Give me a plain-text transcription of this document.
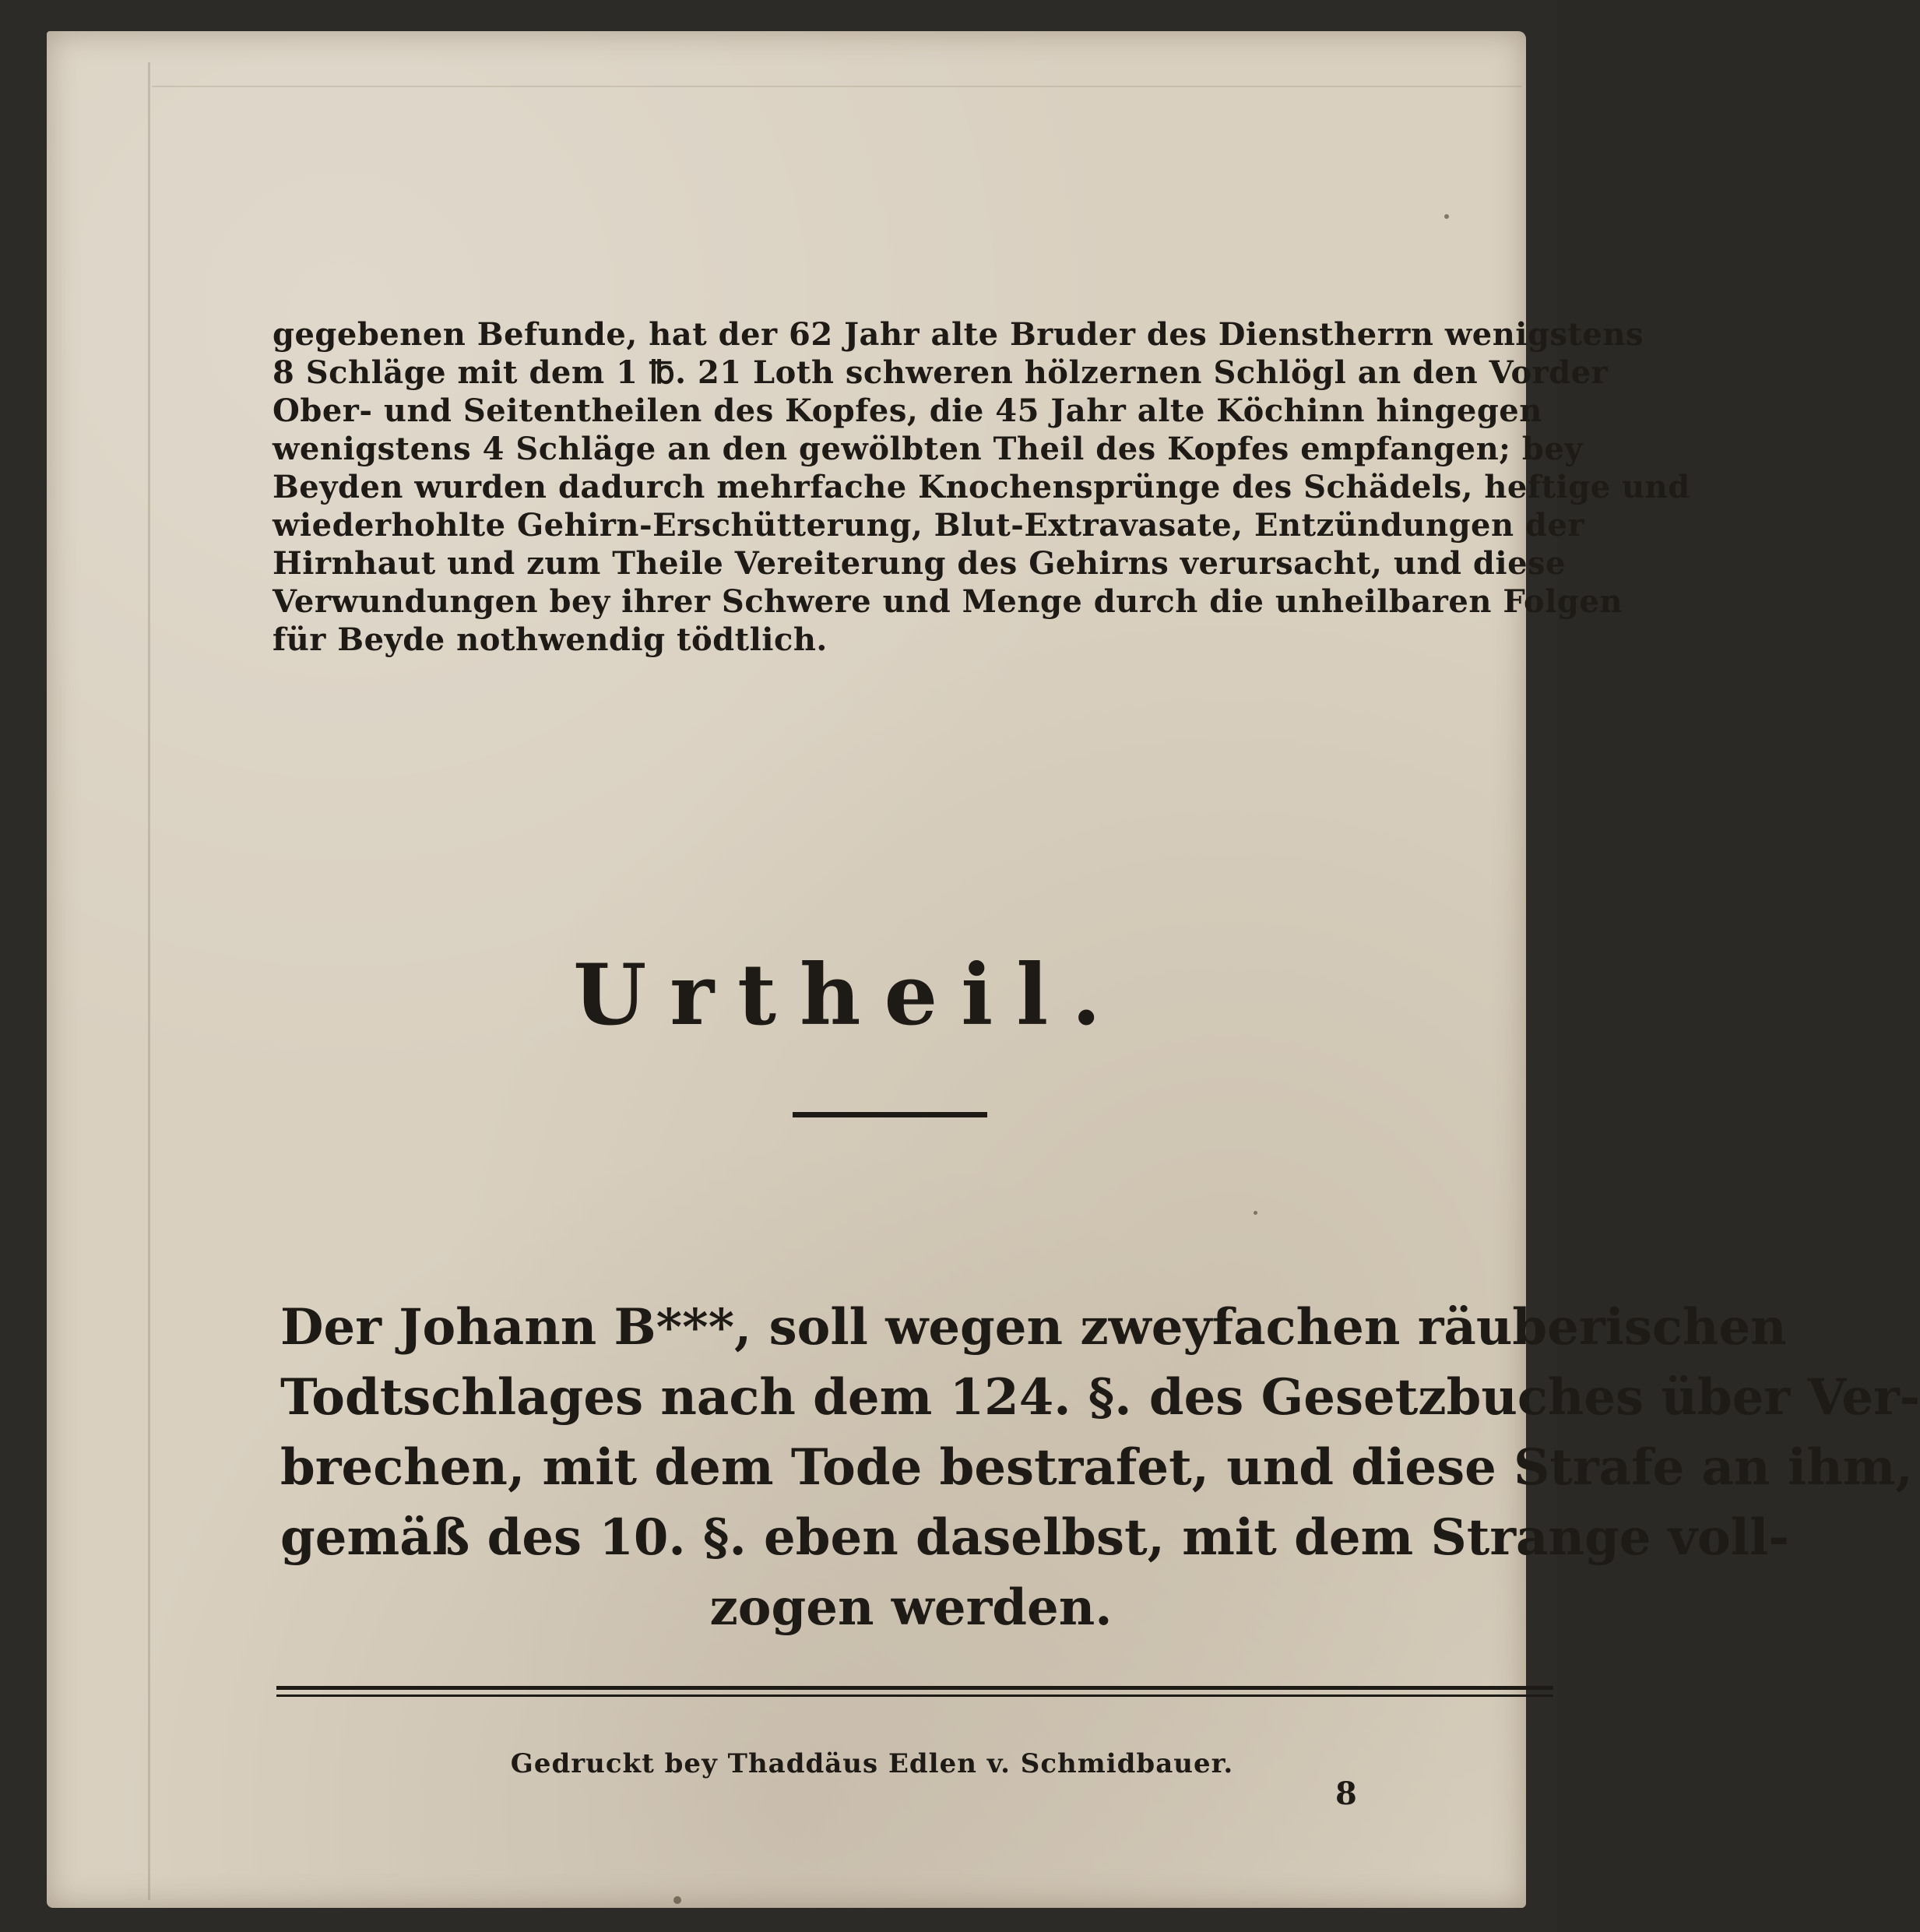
gegebenen Befunde, hat der 62 Jahr alte Bruder des Dienstherrn wenigstens
8 Schläge mit dem 1 ℔. 21 Loth schweren hölzernen Schlögl an den Vorder
Ober- und Seitentheilen des Kopfes, die 45 Jahr alte Köchinn hingegen
wenigstens 4 Schläge an den gewölbten Theil des Kopfes empfangen; bey
Beyden wurden dadurch mehrfache Knochensprünge des Schädels, heftige und
wiederhohlte Gehirn-Erschütterung, Blut-Extravasate, Entzündungen der
Hirnhaut und zum Theile Vereiterung des Gehirns verursacht, und diese
Verwundungen bey ihrer Schwere und Menge durch die unheilbaren Folgen
für Beyde nothwendig tödtlich.
Urtheil.
Der Johann B***, soll wegen zweyfachen räuberischen
Todtschlages nach dem 124. §. des Gesetzbuches über Ver-
brechen, mit dem Tode bestrafet, und diese Strafe an ihm,
gemäß des 10. §. eben daselbst, mit dem Strange voll-
zogen werden.
Gedruckt bey Thaddäus Edlen v. Schmidbauer.
8
